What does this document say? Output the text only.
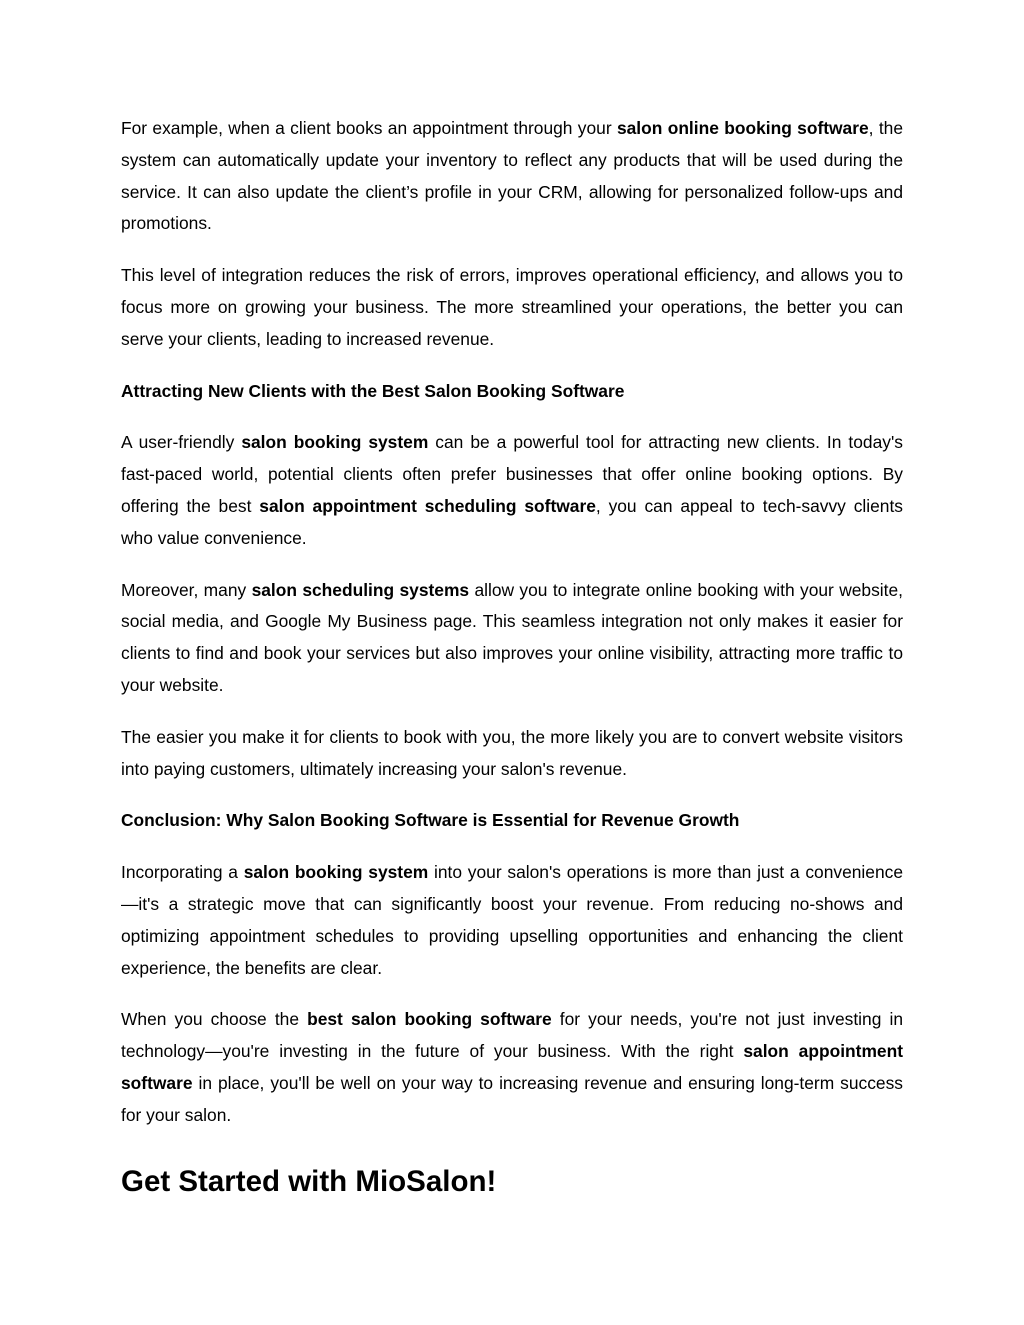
For example, when a client books an appointment through your salon online booking software, the system can automatically update your inventory to reflect any products that will be used during the service. It can also update the client’s profile in your CRM, allowing for personalized follow-ups and promotions.

This level of integration reduces the risk of errors, improves operational efficiency, and allows you to focus more on growing your business. The more streamlined your operations, the better you can serve your clients, leading to increased revenue.

Attracting New Clients with the Best Salon Booking Software

A user-friendly salon booking system can be a powerful tool for attracting new clients. In today's fast-paced world, potential clients often prefer businesses that offer online booking options. By offering the best salon appointment scheduling software, you can appeal to tech-savvy clients who value convenience.

Moreover, many salon scheduling systems allow you to integrate online booking with your website, social media, and Google My Business page. This seamless integration not only makes it easier for clients to find and book your services but also improves your online visibility, attracting more traffic to your website.

The easier you make it for clients to book with you, the more likely you are to convert website visitors into paying customers, ultimately increasing your salon's revenue.

Conclusion: Why Salon Booking Software is Essential for Revenue Growth

Incorporating a salon booking system into your salon's operations is more than just a convenience—it's a strategic move that can significantly boost your revenue. From reducing no-shows and optimizing appointment schedules to providing upselling opportunities and enhancing the client experience, the benefits are clear.

When you choose the best salon booking software for your needs, you're not just investing in technology—you're investing in the future of your business. With the right salon appointment software in place, you'll be well on your way to increasing revenue and ensuring long-term success for your salon.

Get Started with MioSalon!
